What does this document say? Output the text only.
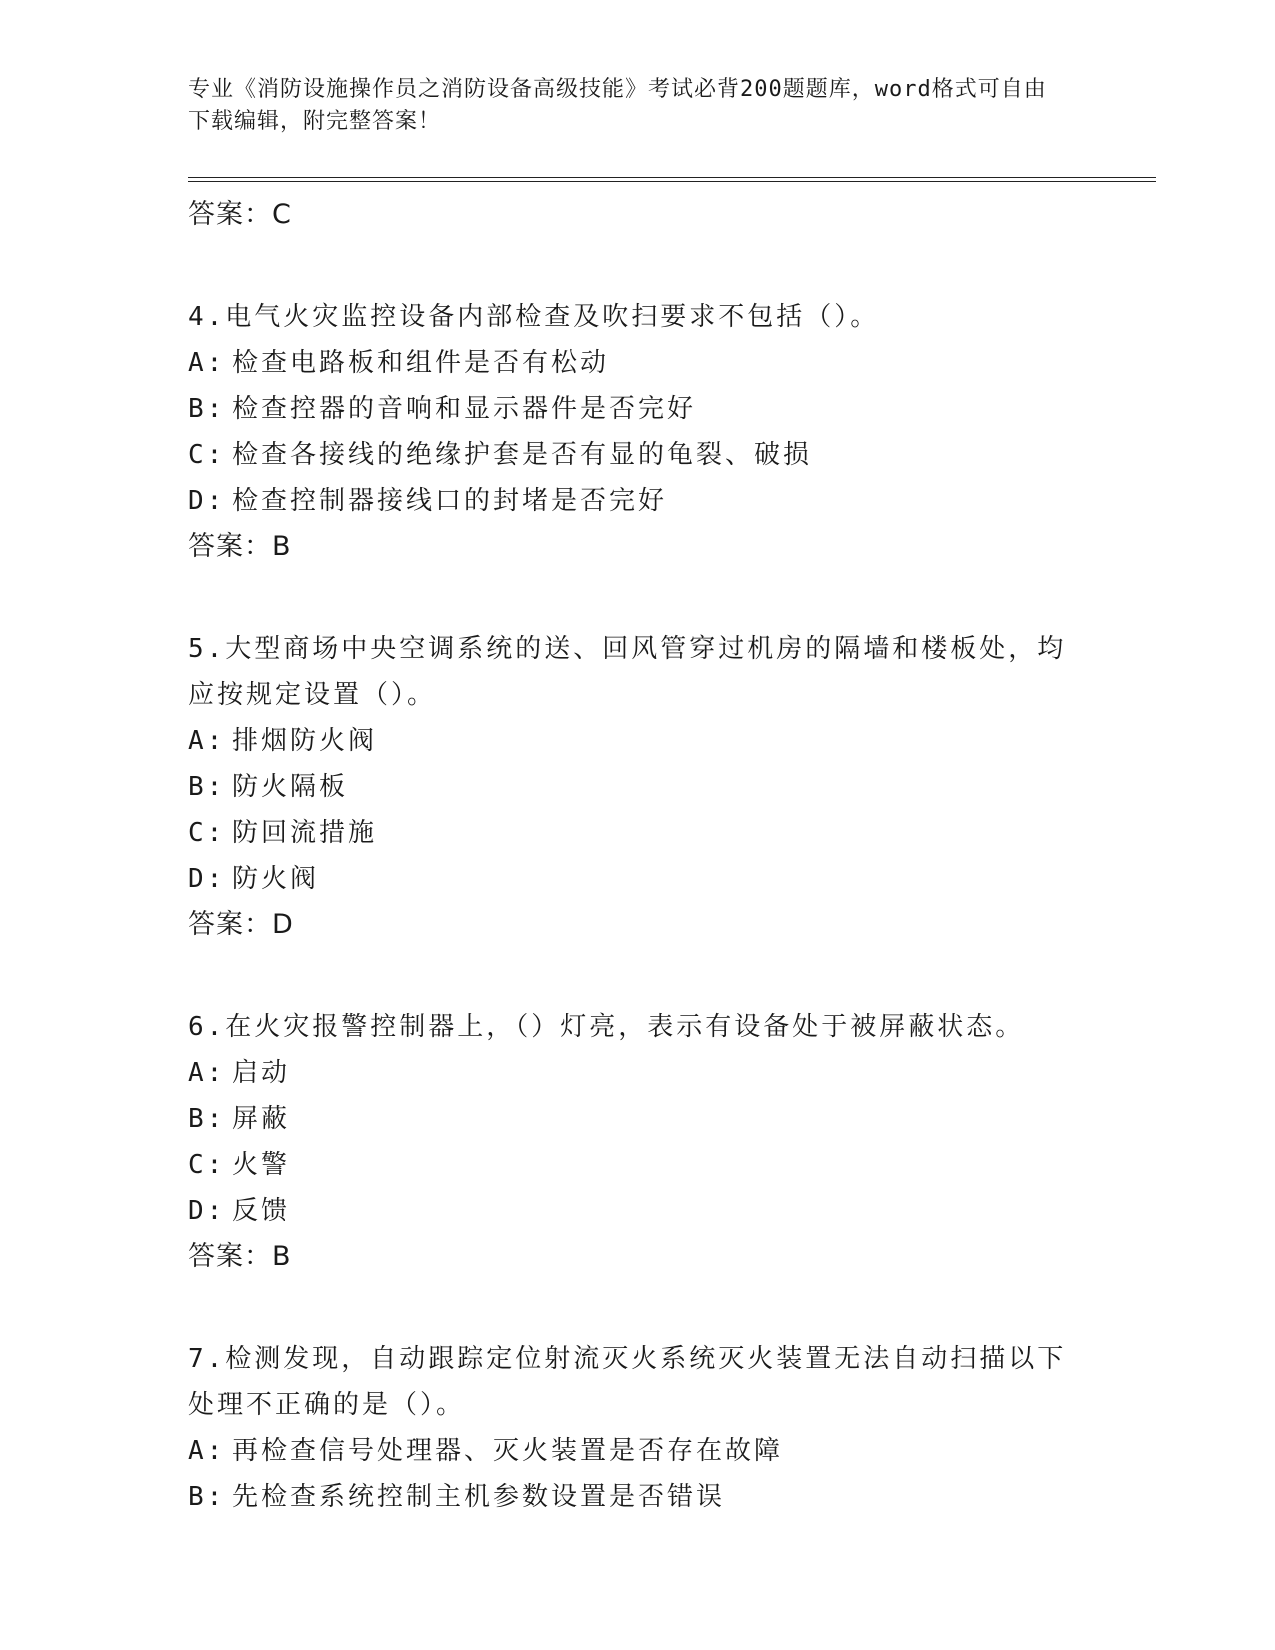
专业《消防设施操作员之消防设备高级技能》考试必背200题题库，word格式可自由下载编辑，附完整答案！
答案：C
4.电气火灾监控设备内部检查及吹扫要求不包括（）。
A: 检查电路板和组件是否有松动
B: 检查控器的音响和显示器件是否完好
C: 检查各接线的绝缘护套是否有显的龟裂、破损
D: 检查控制器接线口的封堵是否完好
答案：B
5.大型商场中央空调系统的送、回风管穿过机房的隔墙和楼板处，均应按规定设置（）。
A: 排烟防火阀
B: 防火隔板
C: 防回流措施
D: 防火阀
答案：D
6.在火灾报警控制器上，（）灯亮，表示有设备处于被屏蔽状态。
A: 启动
B: 屏蔽
C: 火警
D: 反馈
答案：B
7.检测发现，自动跟踪定位射流灭火系统灭火装置无法自动扫描以下处理不正确的是（）。
A: 再检查信号处理器、灭火装置是否存在故障
B: 先检查系统控制主机参数设置是否错误
